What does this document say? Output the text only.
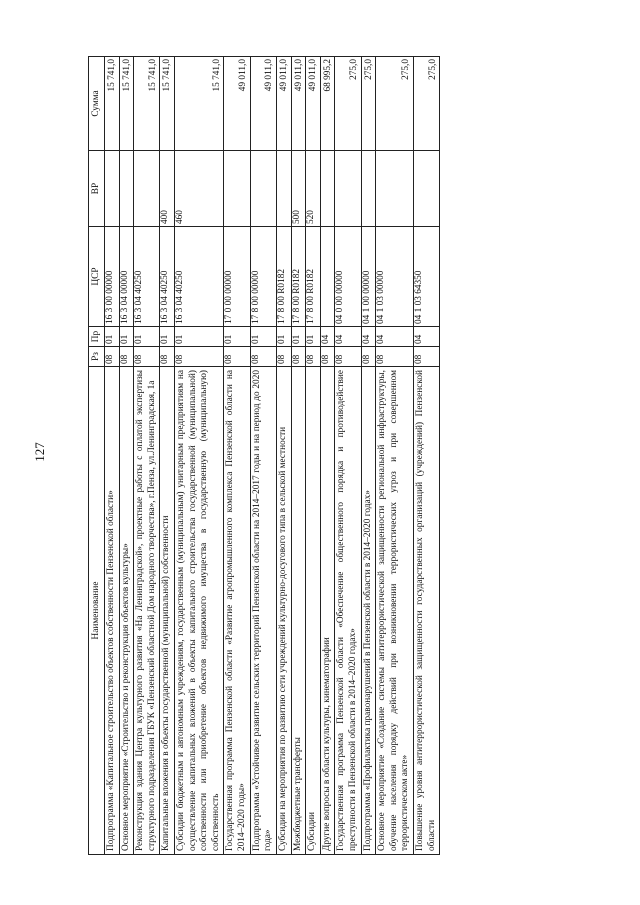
127
Наименование	Рз	Пр	ЦСР	ВР	Сумма
Подпрограмма «Капитальное строительство объектов собственности Пензенской области»	08	01	16 3 00 00000		15 741,0
Основное мероприятие «Строительство и реконструкция объектов культуры»	08	01	16 3 04 00000		15 741,0
Реконструкция здания Центра культурного развития «На Ленинградской», проектные работы с оплатой экспертизы структурного подразделения ГБУК «Пензенский областной Дом народного творчества», г.Пенза, ул.Ленинградская, 1а	08	01	16 3 04 40250		15 741,0
Капитальные вложения в объекты государственной (муниципальной) собственности	08	01	16 3 04 40250	400	15 741,0
Субсидии бюджетным и автономным учреждениям, государственным (муниципальным) унитарным предприятиям на осуществление капитальных вложений в объекты капитального строительства государственной (муниципальной) собственности или приобретение объектов недвижимого имущества в государственную (муниципальную) собственность	08	01	16 3 04 40250	460	15 741,0
Государственная программа Пензенской области «Развитие агропромышленного комплекса Пензенской области на 2014–2020 годы»	08	01	17 0 00 00000		49 011,0
Подпрограмма «Устойчивое развитие сельских территорий Пензенской области на 2014–2017 годы и на период до 2020 года»	08	01	17 8 00 00000		49 011,0
Субсидии на мероприятия по развитию сети учреждений культурно-досугового типа в сельской местности	08	01	17 8 00 R0182		49 011,0
Межбюджетные трансферты	08	01	17 8 00 R0182	500	49 011,0
Субсидии	08	01	17 8 00 R0182	520	49 011,0
Другие вопросы в области культуры, кинематографии	08	04			68 995,2
Государственная программа Пензенской области «Обеспечение общественного порядка и противодействие преступности в Пензенской области в 2014–2020 годах»	08	04	04 0 00 00000		275,0
Подпрограмма «Профилактика правонарушений в Пензенской области в 2014–2020 годах»	08	04	04 1 00 00000		275,0
Основное мероприятие «Создание системы антитеррористической защищенности региональной инфраструктуры, обучение населения порядку действий при возникновении террористических угроз и при совершенном террористическом акте»	08	04	04 1 03 00000		275,0
Повышение уровня антитеррористической защищенности государственных организаций (учреждений) Пензенской области	08	04	04 1 03 64350		275,0
